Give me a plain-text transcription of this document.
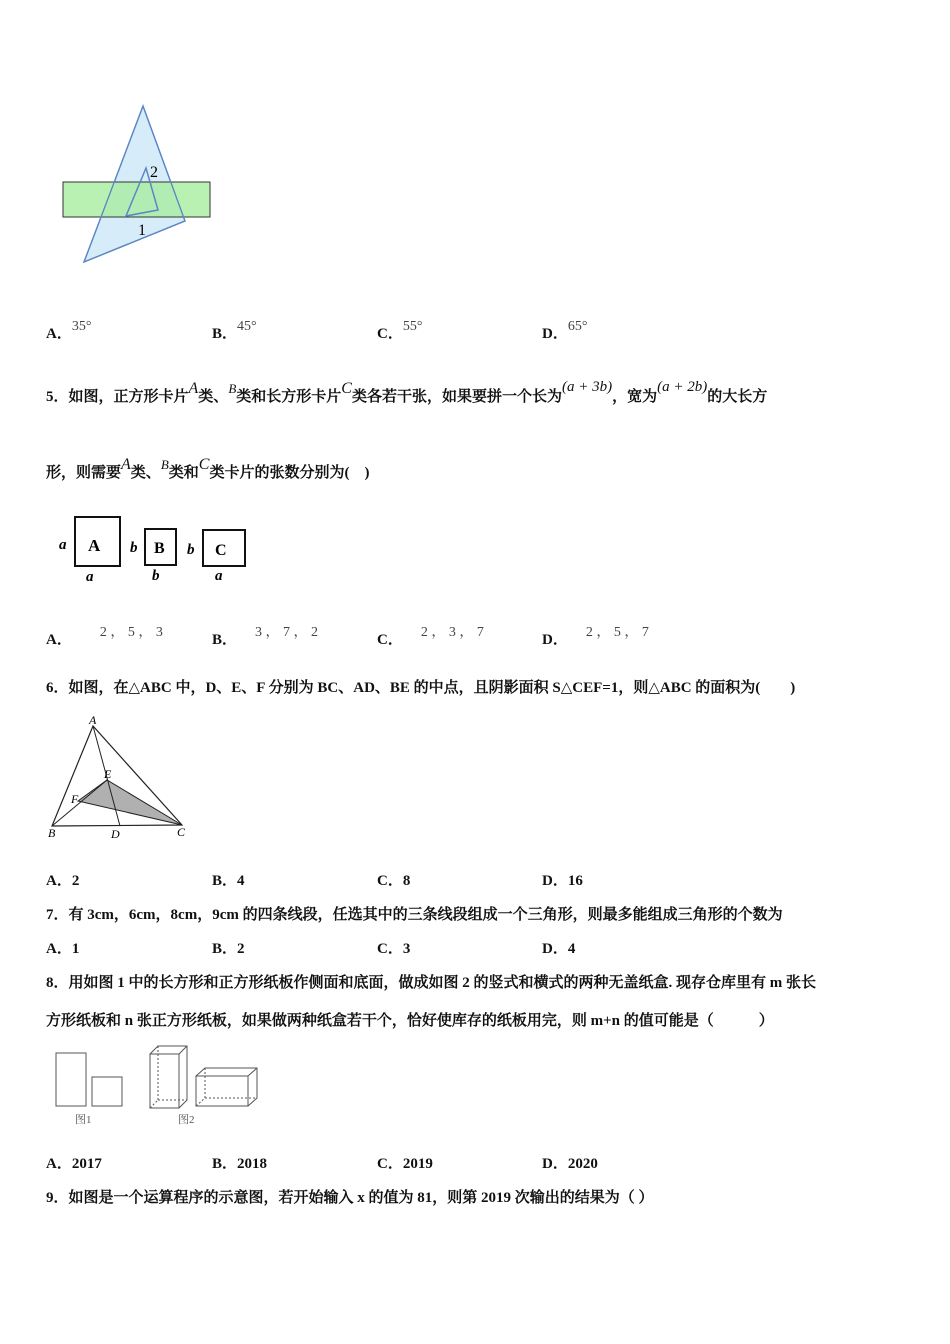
2
1
A．35°	B．45°	C．55°	D．65°
5．如图，正方形卡片A类、B类和长方形卡片C类各若干张，如果要拼一个长为(a + 3b)，宽为(a + 2b)的大长方
形，则需要A类、B类和C类卡片的张数分别为(　)
a A
a
b B
b
b C
a
A． 2 ， 5 ， 3	B． 3 ， 7 ， 2	C． 2 ， 3 ， 7	D． 2 ， 5 ， 7
6．如图，在△ABC 中，D、E、F 分别为 BC、AD、BE 的中点，且阴影面积 S△CEF=1，则△ABC 的面积为(　　)
A
B	C
D
E
F
A．2	B．4	C．8	D．16
7．有 3cm，6cm，8cm，9cm 的四条线段，任选其中的三条线段组成一个三角形，则最多能组成三角形的个数为
A．1	B．2	C．3	D．4
8．用如图 1 中的长方形和正方形纸板作侧面和底面，做成如图 2 的竖式和横式的两种无盖纸盒. 现存仓库里有 m 张长
方形纸板和 n 张正方形纸板，如果做两种纸盒若干个，恰好使库存的纸板用完，则 m+n 的值可能是（　　　）
图1	图2
A．2017	B．2018	C．2019	D．2020
9．如图是一个运算程序的示意图，若开始输入 x 的值为 81，则第 2019 次输出的结果为（ ）
